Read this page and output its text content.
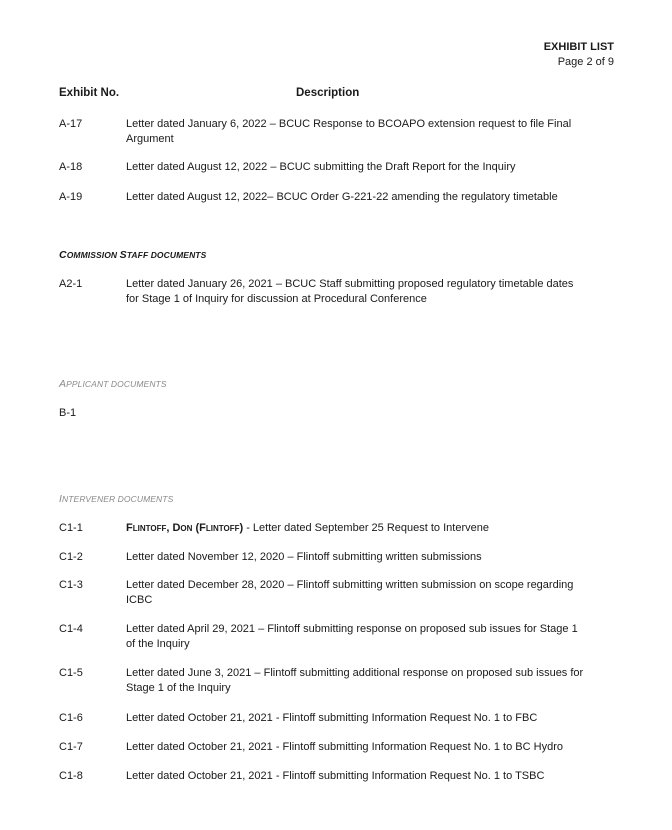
EXHIBIT LIST
Page 2 of 9
Exhibit No.	Description
A-17	Letter dated January 6, 2022 – BCUC Response to BCOAPO extension request to file Final Argument
A-18	Letter dated August 12, 2022 – BCUC submitting the Draft Report for the Inquiry
A-19	Letter dated August 12, 2022– BCUC Order G-221-22 amending the regulatory timetable
COMMISSION STAFF DOCUMENTS
A2-1	Letter dated January 26, 2021 – BCUC Staff submitting proposed regulatory timetable dates for Stage 1 of Inquiry for discussion at Procedural Conference
APPLICANT DOCUMENTS
B-1
INTERVENER DOCUMENTS
C1-1	Flintoff, Don (Flintoff) - Letter dated September 25 Request to Intervene
C1-2	Letter dated November 12, 2020 – Flintoff submitting written submissions
C1-3	Letter dated December 28, 2020 – Flintoff submitting written submission on scope regarding ICBC
C1-4	Letter dated April 29, 2021 – Flintoff submitting response on proposed sub issues for Stage 1 of the Inquiry
C1-5	Letter dated June 3, 2021 – Flintoff submitting additional response on proposed sub issues for Stage 1 of the Inquiry
C1-6	Letter dated October 21, 2021 - Flintoff submitting Information Request No. 1 to FBC
C1-7	Letter dated October 21, 2021 - Flintoff submitting Information Request No. 1 to BC Hydro
C1-8	Letter dated October 21, 2021 - Flintoff submitting Information Request No. 1 to TSBC
